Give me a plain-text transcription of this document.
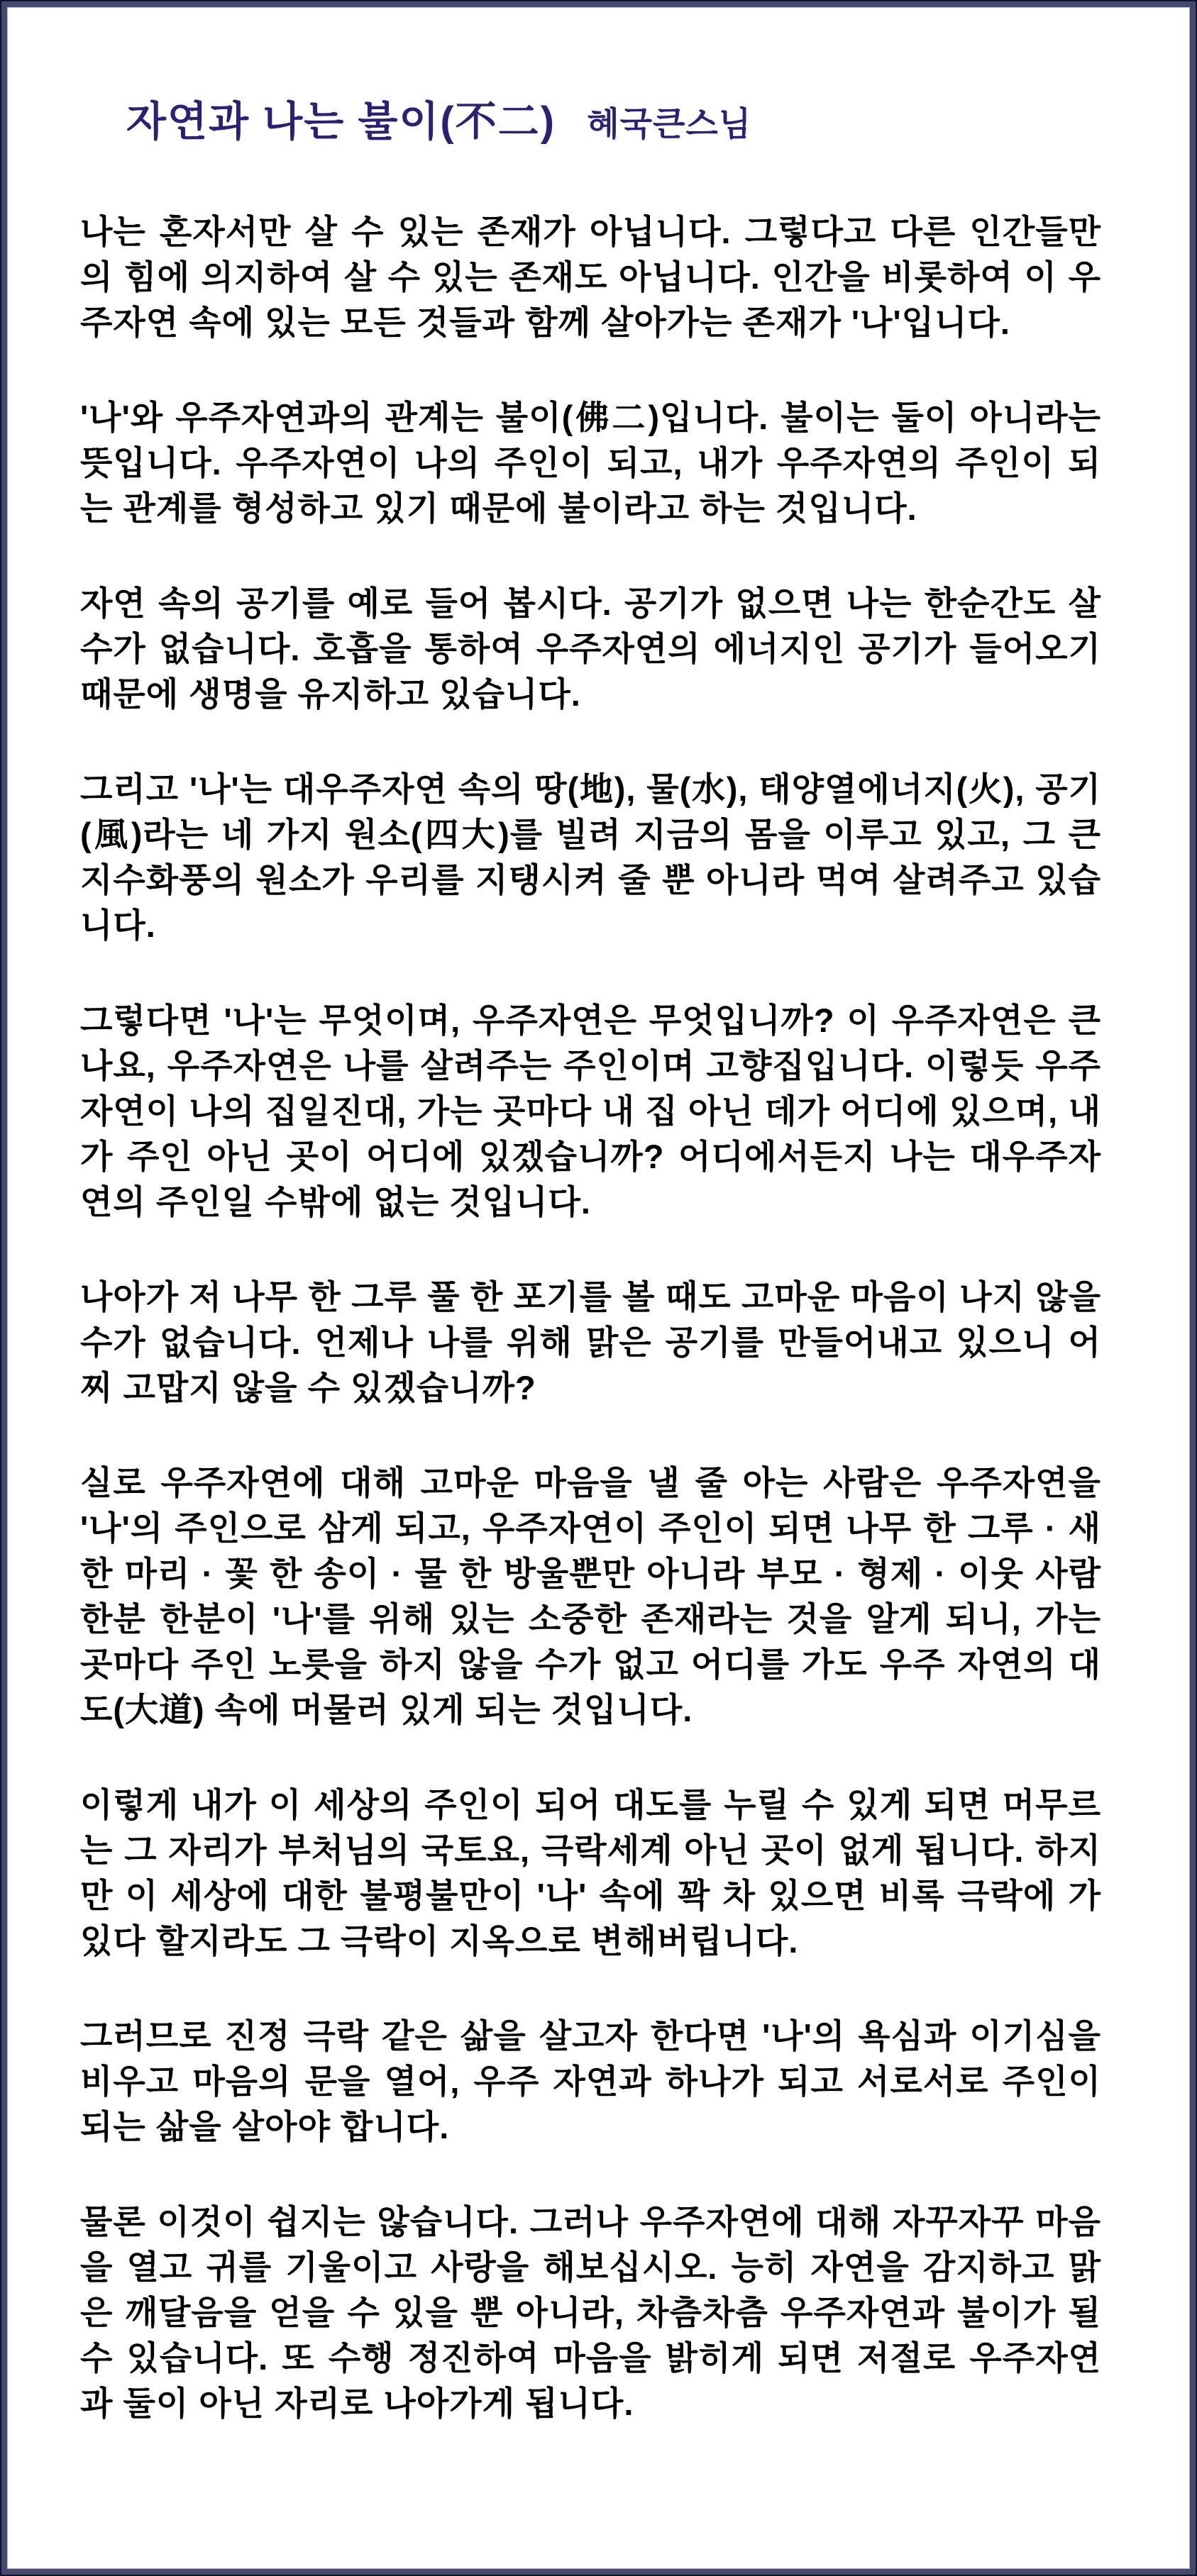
자연과 나는 불이(不二) 혜국큰스님

나는 혼자서만 살 수 있는 존재가 아닙니다. 그렇다고 다른 인간들만의 힘에 의지하여 살 수 있는 존재도 아닙니다. 인간을 비롯하여 이 우주자연 속에 있는 모든 것들과 함께 살아가는 존재가 '나'입니다.

'나'와 우주자연과의 관계는 불이(佛二)입니다. 불이는 둘이 아니라는 뜻입니다. 우주자연이 나의 주인이 되고, 내가 우주자연의 주인이 되는 관계를 형성하고 있기 때문에 불이라고 하는 것입니다.

자연 속의 공기를 예로 들어 봅시다. 공기가 없으면 나는 한순간도 살 수가 없습니다. 호흡을 통하여 우주자연의 에너지인 공기가 들어오기 때문에 생명을 유지하고 있습니다.

그리고 '나'는 대우주자연 속의 땅(地), 물(水), 태양열에너지(火), 공기(風)라는 네 가지 원소(四大)를 빌려 지금의 몸을 이루고 있고, 그 큰 지수화풍의 원소가 우리를 지탱시켜 줄 뿐 아니라 먹여 살려주고 있습니다.

그렇다면 '나'는 무엇이며, 우주자연은 무엇입니까? 이 우주자연은 큰 나요, 우주자연은 나를 살려주는 주인이며 고향집입니다. 이렇듯 우주자연이 나의 집일진대, 가는 곳마다 내 집 아닌 데가 어디에 있으며, 내가 주인 아닌 곳이 어디에 있겠습니까? 어디에서든지 나는 대우주자연의 주인일 수밖에 없는 것입니다.

나아가 저 나무 한 그루 풀 한 포기를 볼 때도 고마운 마음이 나지 않을 수가 없습니다. 언제나 나를 위해 맑은 공기를 만들어내고 있으니 어찌 고맙지 않을 수 있겠습니까?

실로 우주자연에 대해 고마운 마음을 낼 줄 아는 사람은 우주자연을 '나'의 주인으로 삼게 되고, 우주자연이 주인이 되면 나무 한 그루 · 새 한 마리 · 꽃 한 송이 · 물 한 방울뿐만 아니라 부모 · 형제 · 이웃 사람 한분 한분이 '나'를 위해 있는 소중한 존재라는 것을 알게 되니, 가는 곳마다 주인 노릇을 하지 않을 수가 없고 어디를 가도 우주 자연의 대도(大道) 속에 머물러 있게 되는 것입니다.

이렇게 내가 이 세상의 주인이 되어 대도를 누릴 수 있게 되면 머무르는 그 자리가 부처님의 국토요, 극락세계 아닌 곳이 없게 됩니다. 하지만 이 세상에 대한 불평불만이 '나' 속에 꽉 차 있으면 비록 극락에 가 있다 할지라도 그 극락이 지옥으로 변해버립니다.

그러므로 진정 극락 같은 삶을 살고자 한다면 '나'의 욕심과 이기심을 비우고 마음의 문을 열어, 우주 자연과 하나가 되고 서로서로 주인이 되는 삶을 살아야 합니다.

물론 이것이 쉽지는 않습니다. 그러나 우주자연에 대해 자꾸자꾸 마음을 열고 귀를 기울이고 사랑을 해보십시오. 능히 자연을 감지하고 맑은 깨달음을 얻을 수 있을 뿐 아니라, 차츰차츰 우주자연과 불이가 될 수 있습니다. 또 수행 정진하여 마음을 밝히게 되면 저절로 우주자연과 둘이 아닌 자리로 나아가게 됩니다.
